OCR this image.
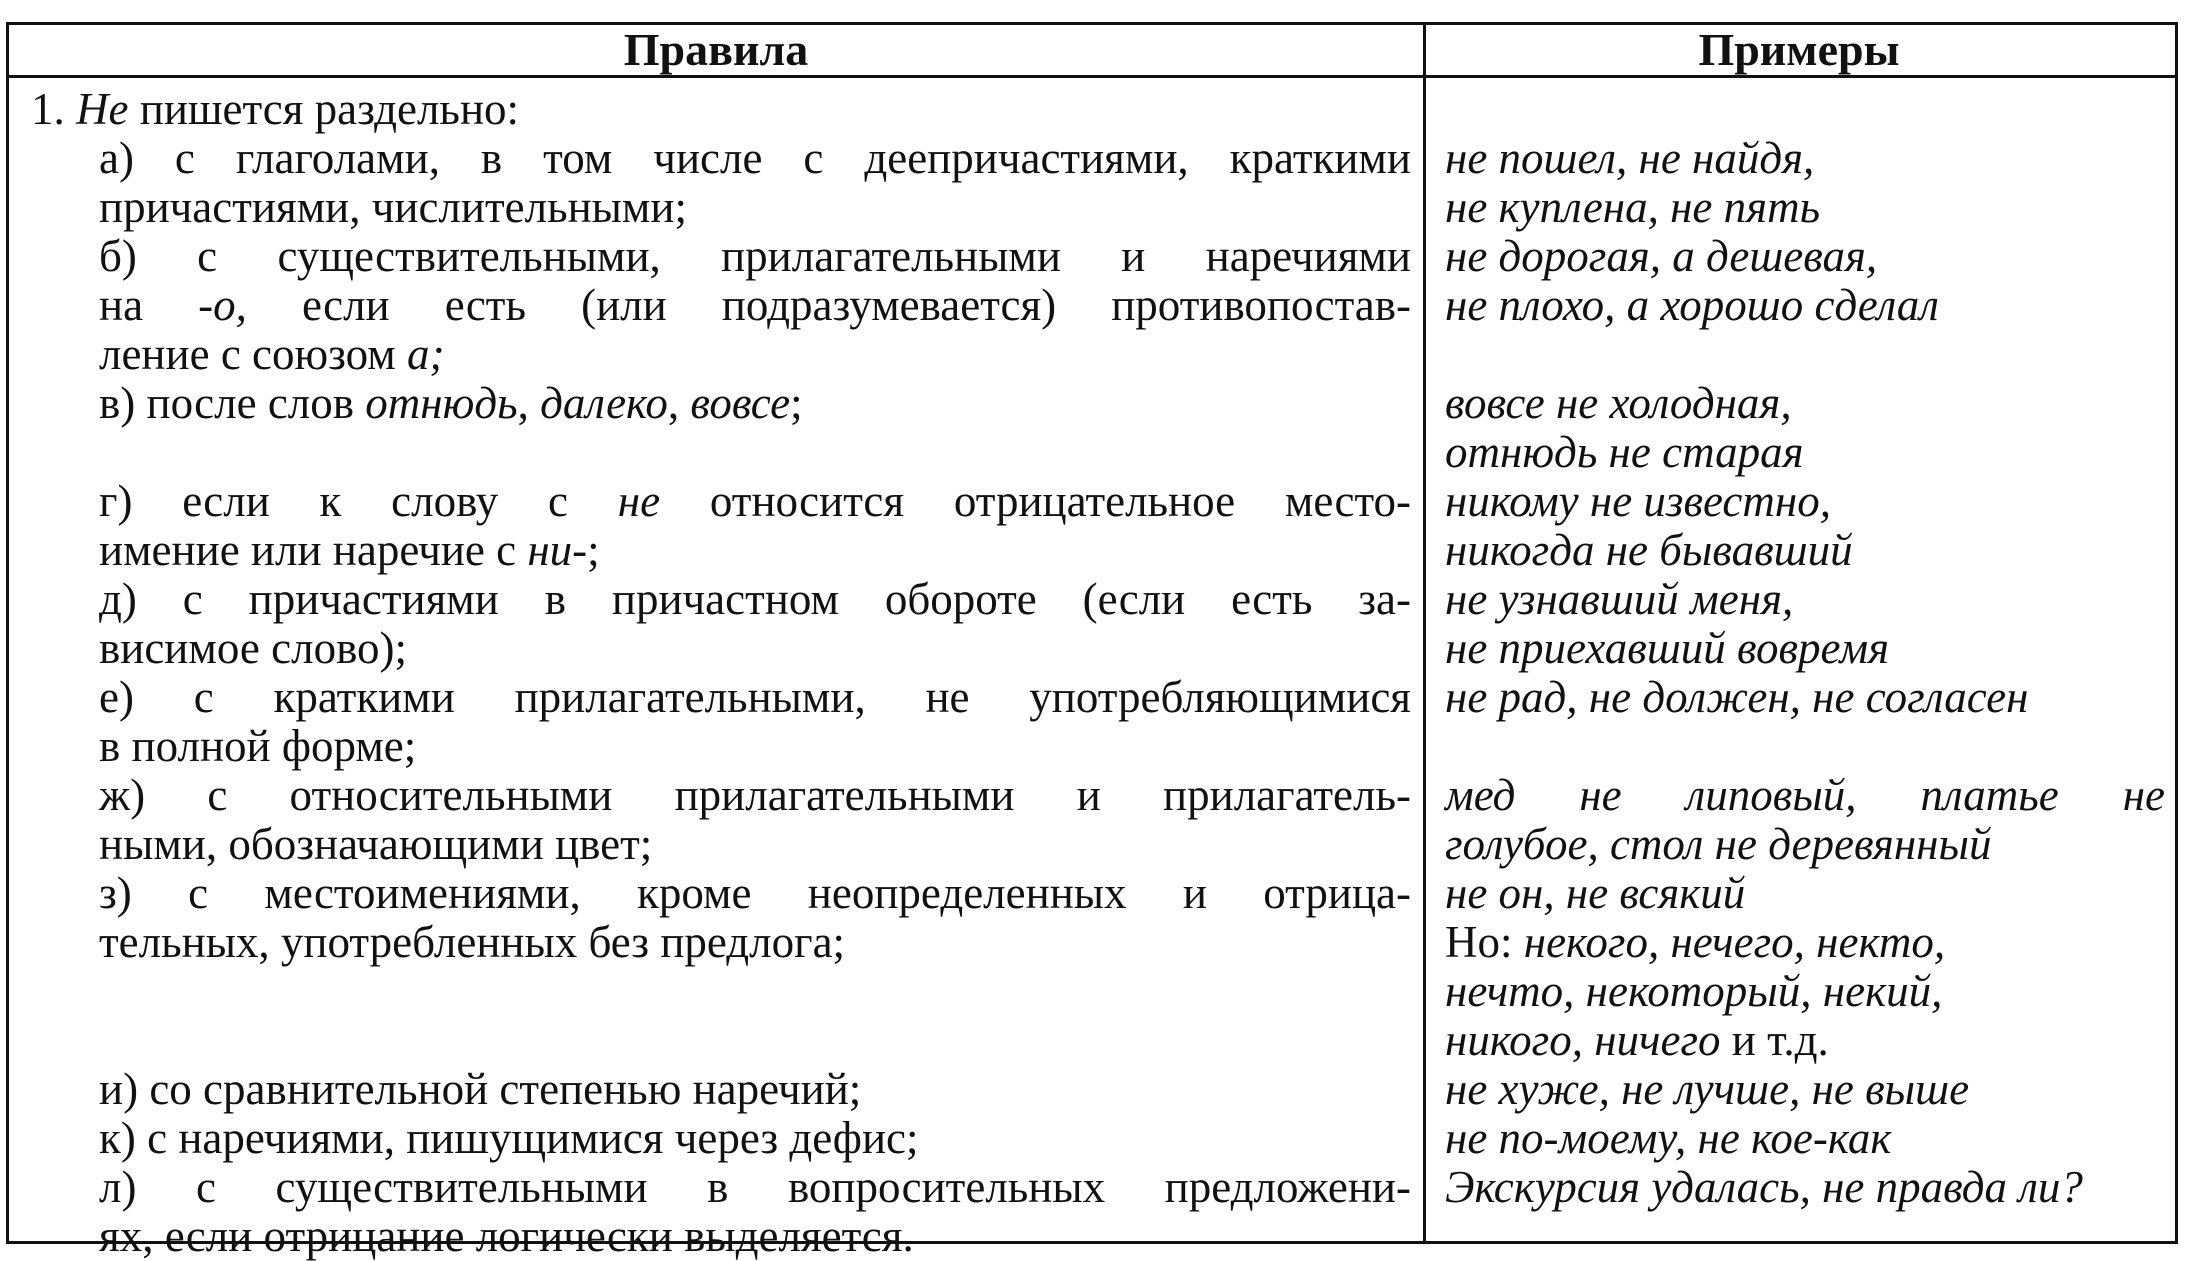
Правила	Примеры
1. Не пишется раздельно:
а) с глаголами, в том числе с деепричастиями, краткими
причастиями, числительными;
б) с существительными, прилагательными и наречиями
на -о, если есть (или подразумевается) противопостав-
ление с союзом а;
в) после слов отнюдь, далеко, вовсе;
г) если к слову с не относится отрицательное место-
имение или наречие с ни-;
д) с причастиями в причастном обороте (если есть за-
висимое слово);
е) с краткими прилагательными, не употребляющимися
в полной форме;
ж) с относительными прилагательными и прилагатель-
ными, обозначающими цвет;
з) с местоимениями, кроме неопределенных и отрица-
тельных, употребленных без предлога;
и) со сравнительной степенью наречий;
к) с наречиями, пишущимися через дефис;
л) с существительными в вопросительных предложени-
ях, если отрицание логически выделяется.
не пошел, не найдя,
не куплена, не пять
не дорогая, а дешевая,
не плохо, а хорошо сделал
вовсе не холодная,
отнюдь не старая
никому не известно,
никогда не бывавший
не узнавший меня,
не приехавший вовремя
не рад, не должен, не согласен
мед не липовый, платье не
голубое, стол не деревянный
не он, не всякий
Но: некого, нечего, некто,
нечто, некоторый, некий,
никого, ничего и т.д.
не хуже, не лучше, не выше
не по-моему, не кое-как
Экскурсия удалась, не правда ли?
